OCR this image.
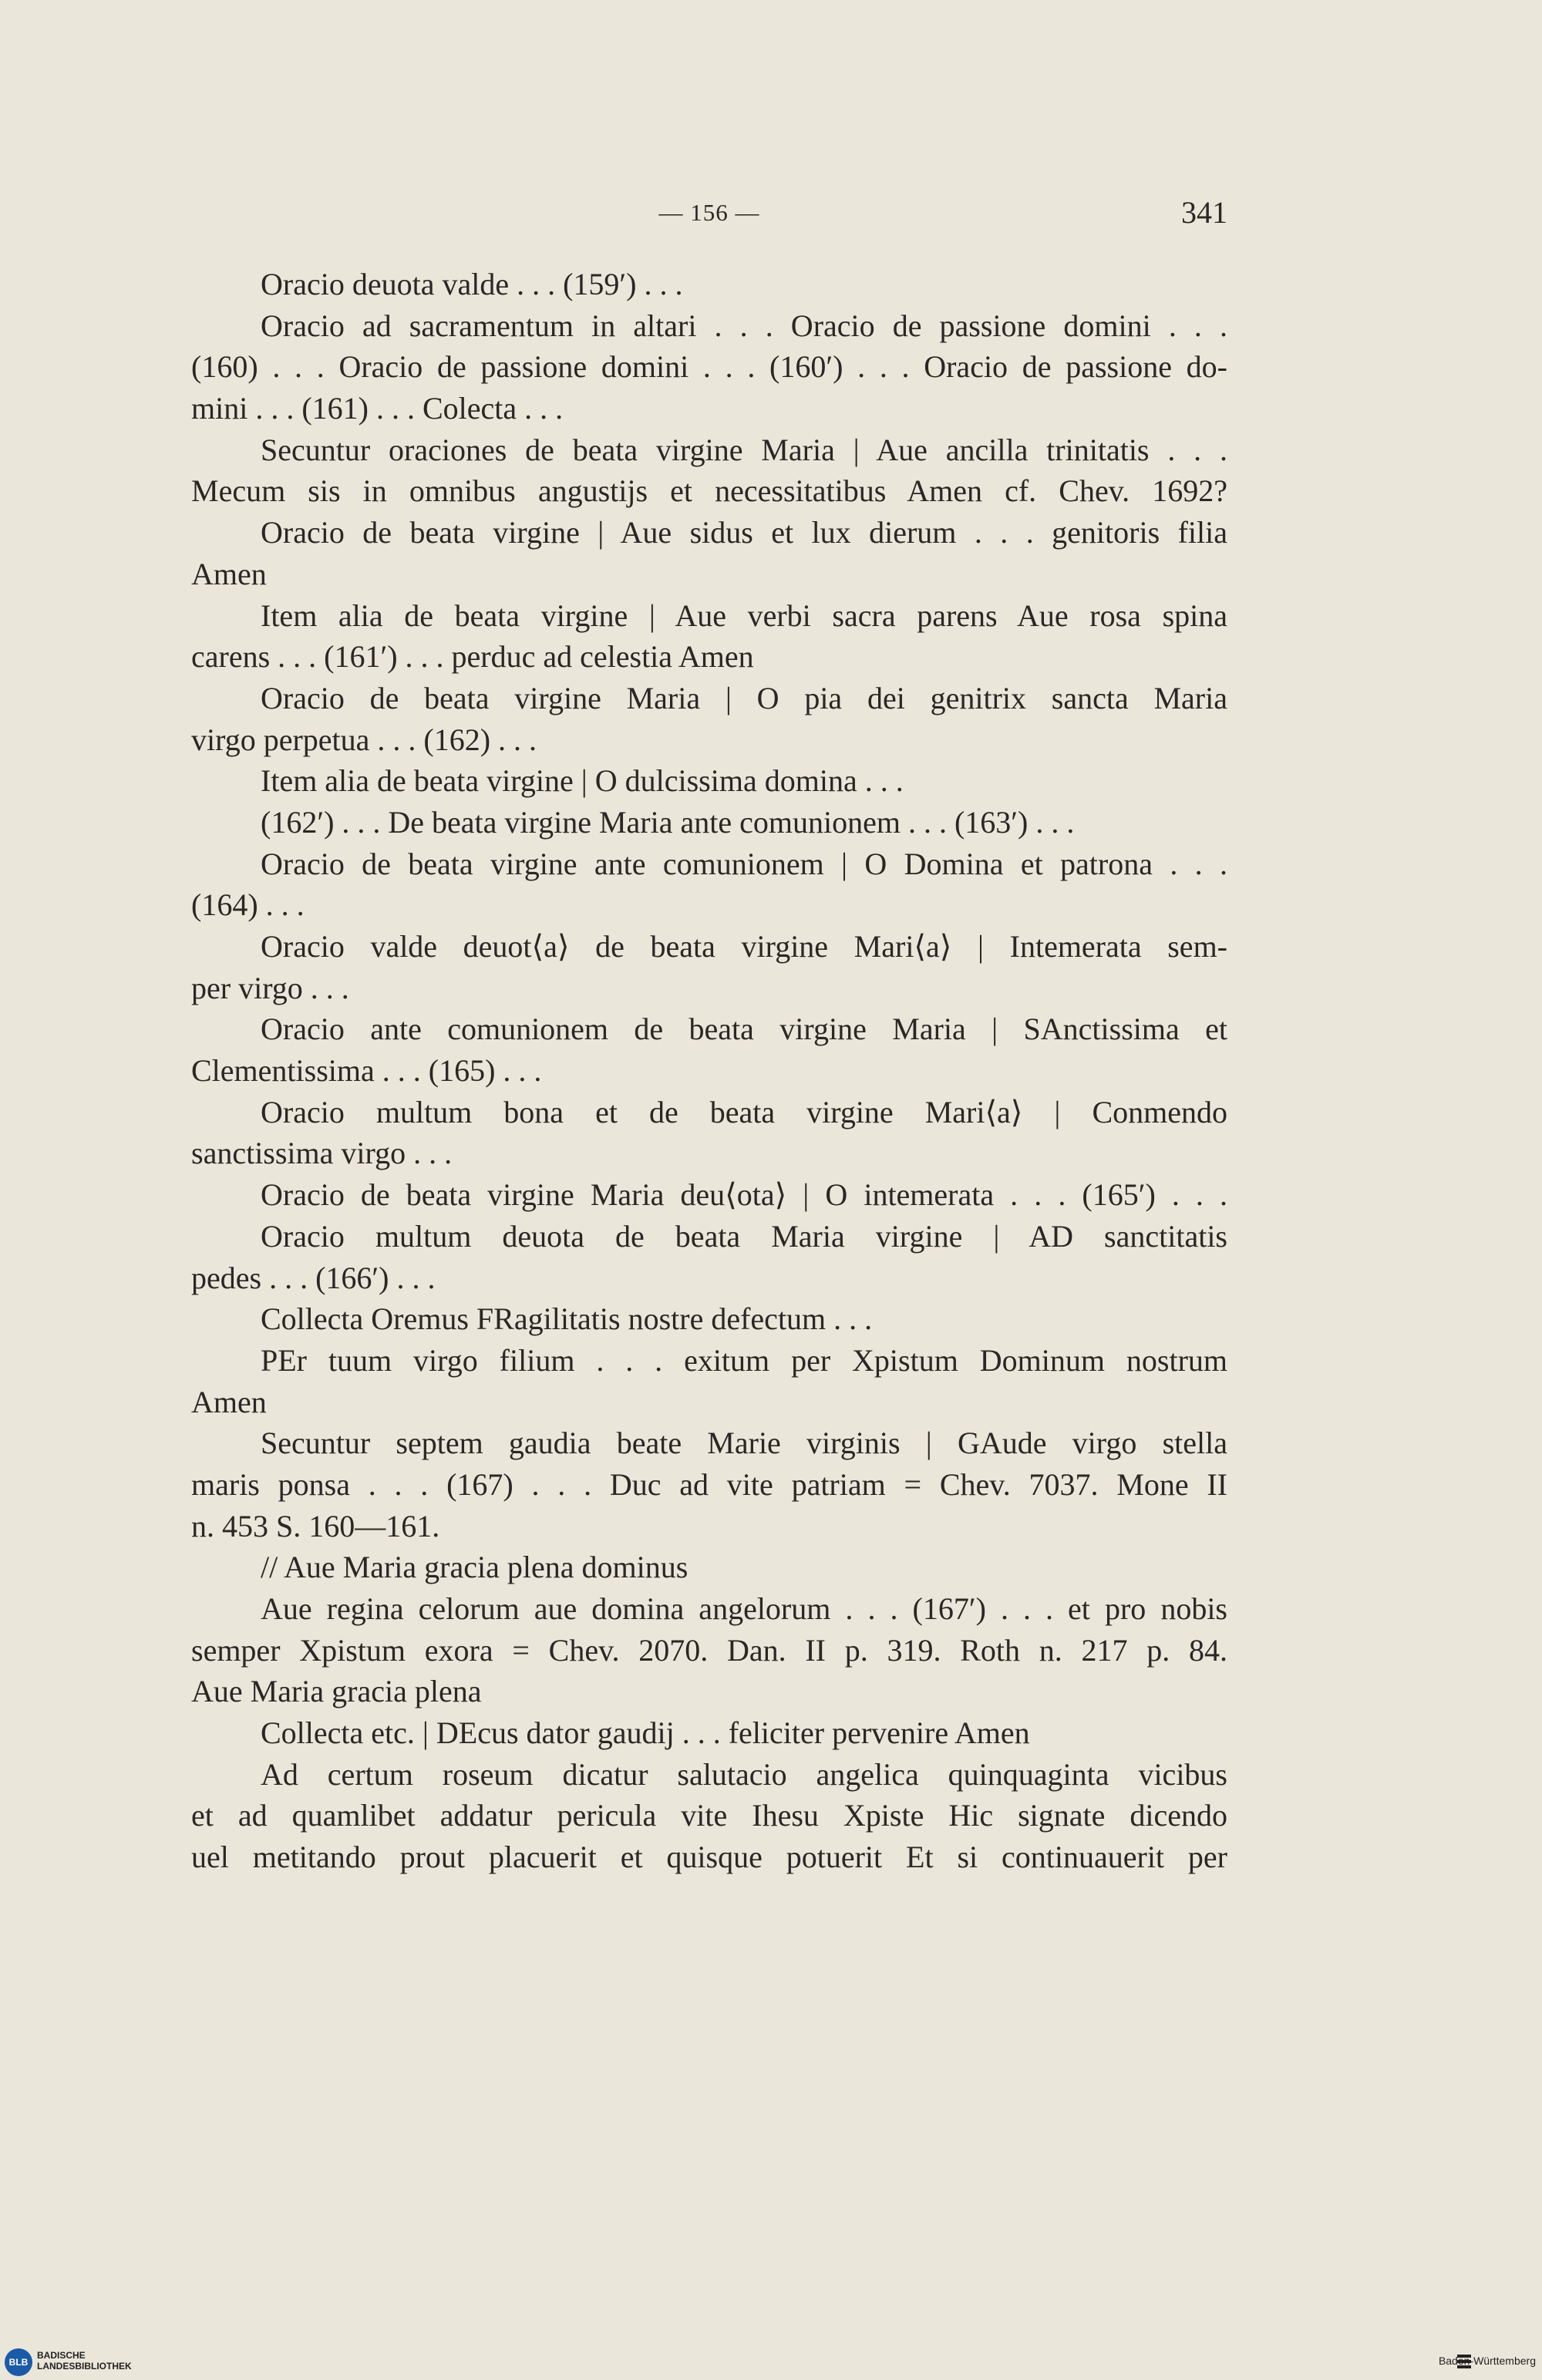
— 156 —	341
Oracio deuota valde . . . (159′) . . .
Oracio ad sacramentum in altari . . . Oracio de passione domini . . .
(160) . . . Oracio de passione domini . . . (160′) . . . Oracio de passione do-
mini . . . (161) . . . Colecta . . .
Secuntur oraciones de beata virgine Maria | Aue ancilla trinitatis . . .
Mecum sis in omnibus angustijs et necessitatibus Amen cf. Chev. 1692?
Oracio de beata virgine | Aue sidus et lux dierum . . . genitoris filia
Amen
Item alia de beata virgine | Aue verbi sacra parens Aue rosa spina
carens . . . (161′) . . . perduc ad celestia Amen
Oracio de beata virgine Maria | O pia dei genitrix sancta Maria
virgo perpetua . . . (162) . . .
Item alia de beata virgine | O dulcissima domina . . .
(162′) . . . De beata virgine Maria ante comunionem . . . (163′) . . .
Oracio de beata virgine ante comunionem | O Domina et patrona . . .
(164) . . .
Oracio valde deuot⟨a⟩ de beata virgine Mari⟨a⟩ | Intemerata sem-
per virgo . . .
Oracio ante comunionem de beata virgine Maria | SAnctissima et
Clementissima . . . (165) . . .
Oracio multum bona et de beata virgine Mari⟨a⟩ | Conmendo
sanctissima virgo . . .
Oracio de beata virgine Maria deu⟨ota⟩ | O intemerata . . . (165′) . . .
Oracio multum deuota de beata Maria virgine | AD sanctitatis
pedes . . . (166′) . . .
Collecta Oremus FRagilitatis nostre defectum . . .
PEr tuum virgo filium . . . exitum per Xpistum Dominum nostrum
Amen
Secuntur septem gaudia beate Marie virginis | GAude virgo stella
maris ponsa . . . (167) . . . Duc ad vite patriam = Chev. 7037. Mone II
n. 453 S. 160—161.
// Aue Maria gracia plena dominus
Aue regina celorum aue domina angelorum . . . (167′) . . . et pro nobis
semper Xpistum exora = Chev. 2070. Dan. II p. 319. Roth n. 217 p. 84.
Aue Maria gracia plena
Collecta etc. | DEcus dator gaudij . . . feliciter pervenire Amen
Ad certum roseum dicatur salutacio angelica quinquaginta vicibus
et ad quamlibet addatur pericula vite Ihesu Xpiste Hic signate dicendo
uel metitando prout placuerit et quisque potuerit Et si continuauerit per
BLB
BADISCHE
LANDESBIBLIOTHEK	Baden-Württemberg
